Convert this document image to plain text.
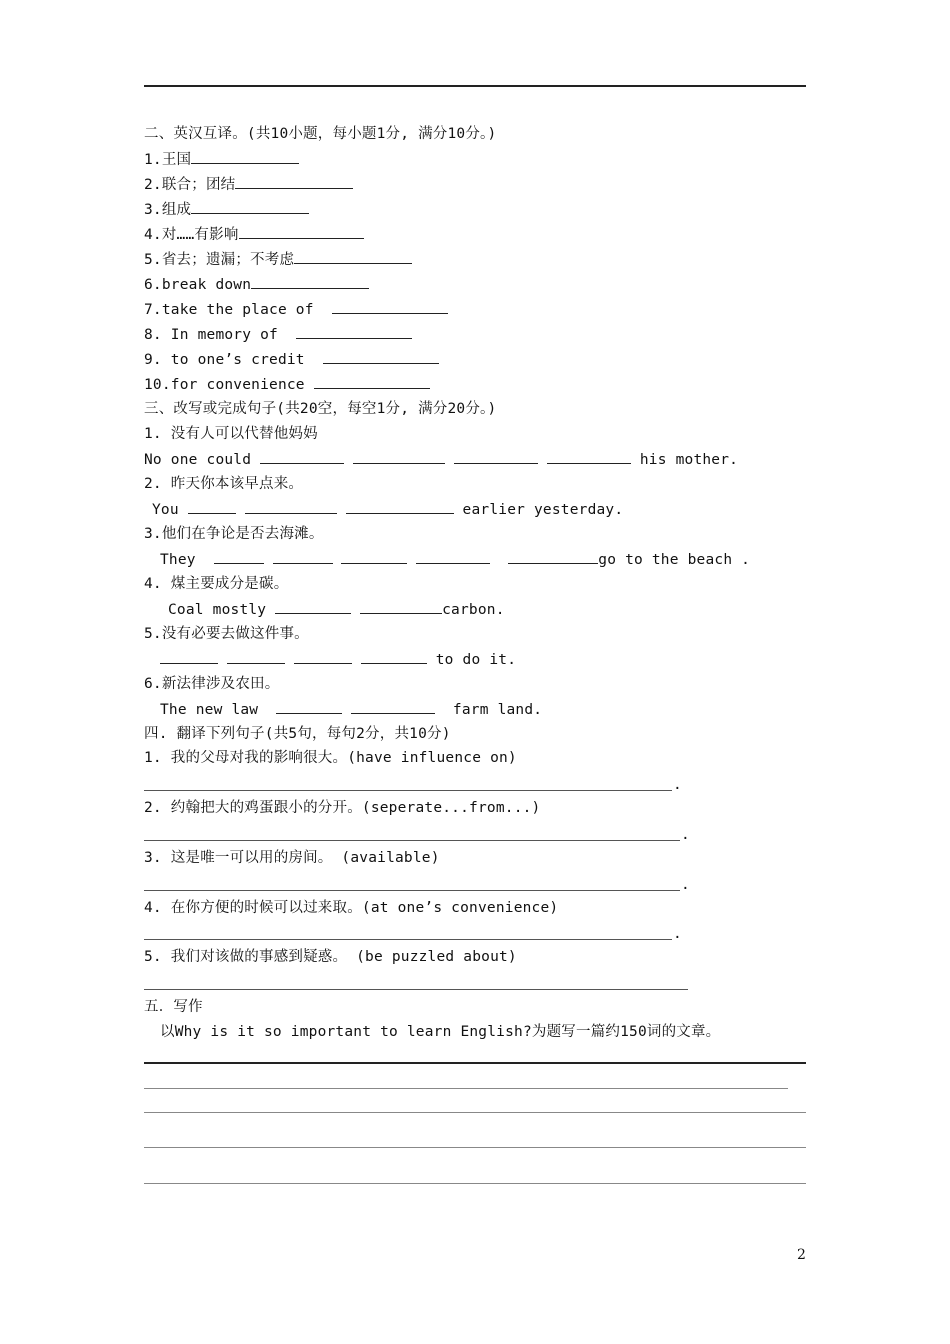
二、英汉互译。(共10小题，每小题1分, 满分10分。)
1.王国
2.联合；团结
3.组成
4.对……有影响
5.省去；遗漏；不考虑
6.break down
7.take the place of
8. In memory of
9. to one’s credit
10.for convenience
三、改写或完成句子(共20空，每空1分, 满分20分。)
1. 没有人可以代替他妈妈
No one could	his mother.
2. 昨天你本该早点来。
You	earlier yesterday.
3.他们在争论是否去海滩。
They	go to the beach .
4. 煤主要成分是碳。
Coal mostly	carbon.
5.没有必要去做这件事。
to do it.
6.新法律涉及农田。
The new law	farm land.
四. 翻译下列句子(共5句，每句2分，共10分)
1. 我的父母对我的影响很大。(have influence on)
.
2. 约翰把大的鸡蛋跟小的分开。(seperate...from...)
.
3. 这是唯一可以用的房间。 (available)
.
4. 在你方便的时候可以过来取。(at one’s convenience)
.
5. 我们对该做的事感到疑惑。 (be puzzled about)
五．写作
以Why is it so important to learn English?为题写一篇约150词的文章。
2
